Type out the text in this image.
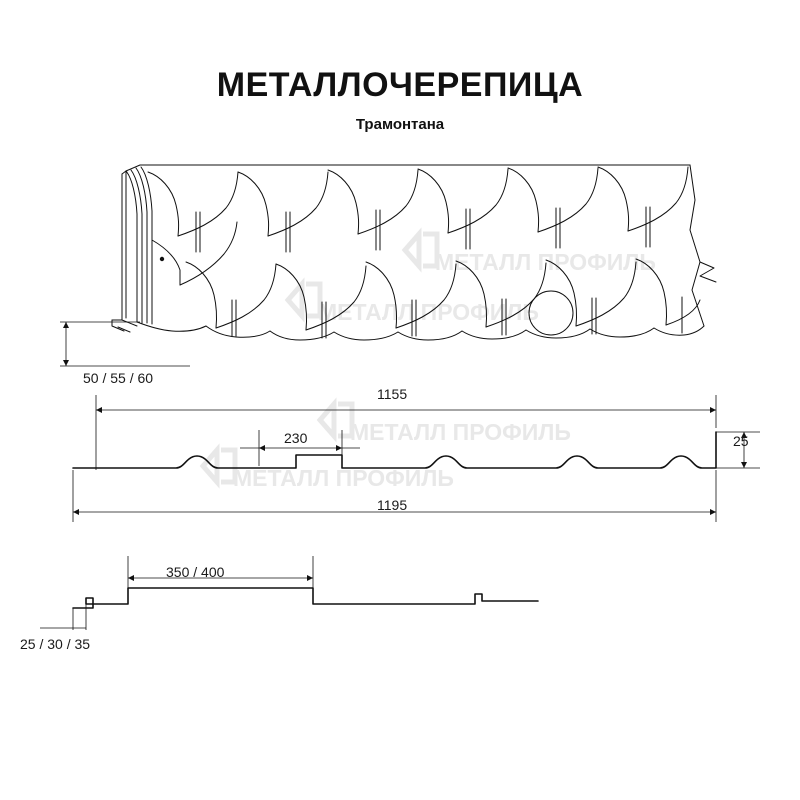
МЕТАЛЛ ПРОФИЛЬ
МЕТАЛЛ ПРОФИЛЬ
МЕТАЛЛ ПРОФИЛЬ
МЕТАЛЛ ПРОФИЛЬ
МЕТАЛЛОЧЕРЕПИЦА
Трамонтана
50 / 55 / 60
1155
230	25
1195
350 / 400
25 / 30 / 35
